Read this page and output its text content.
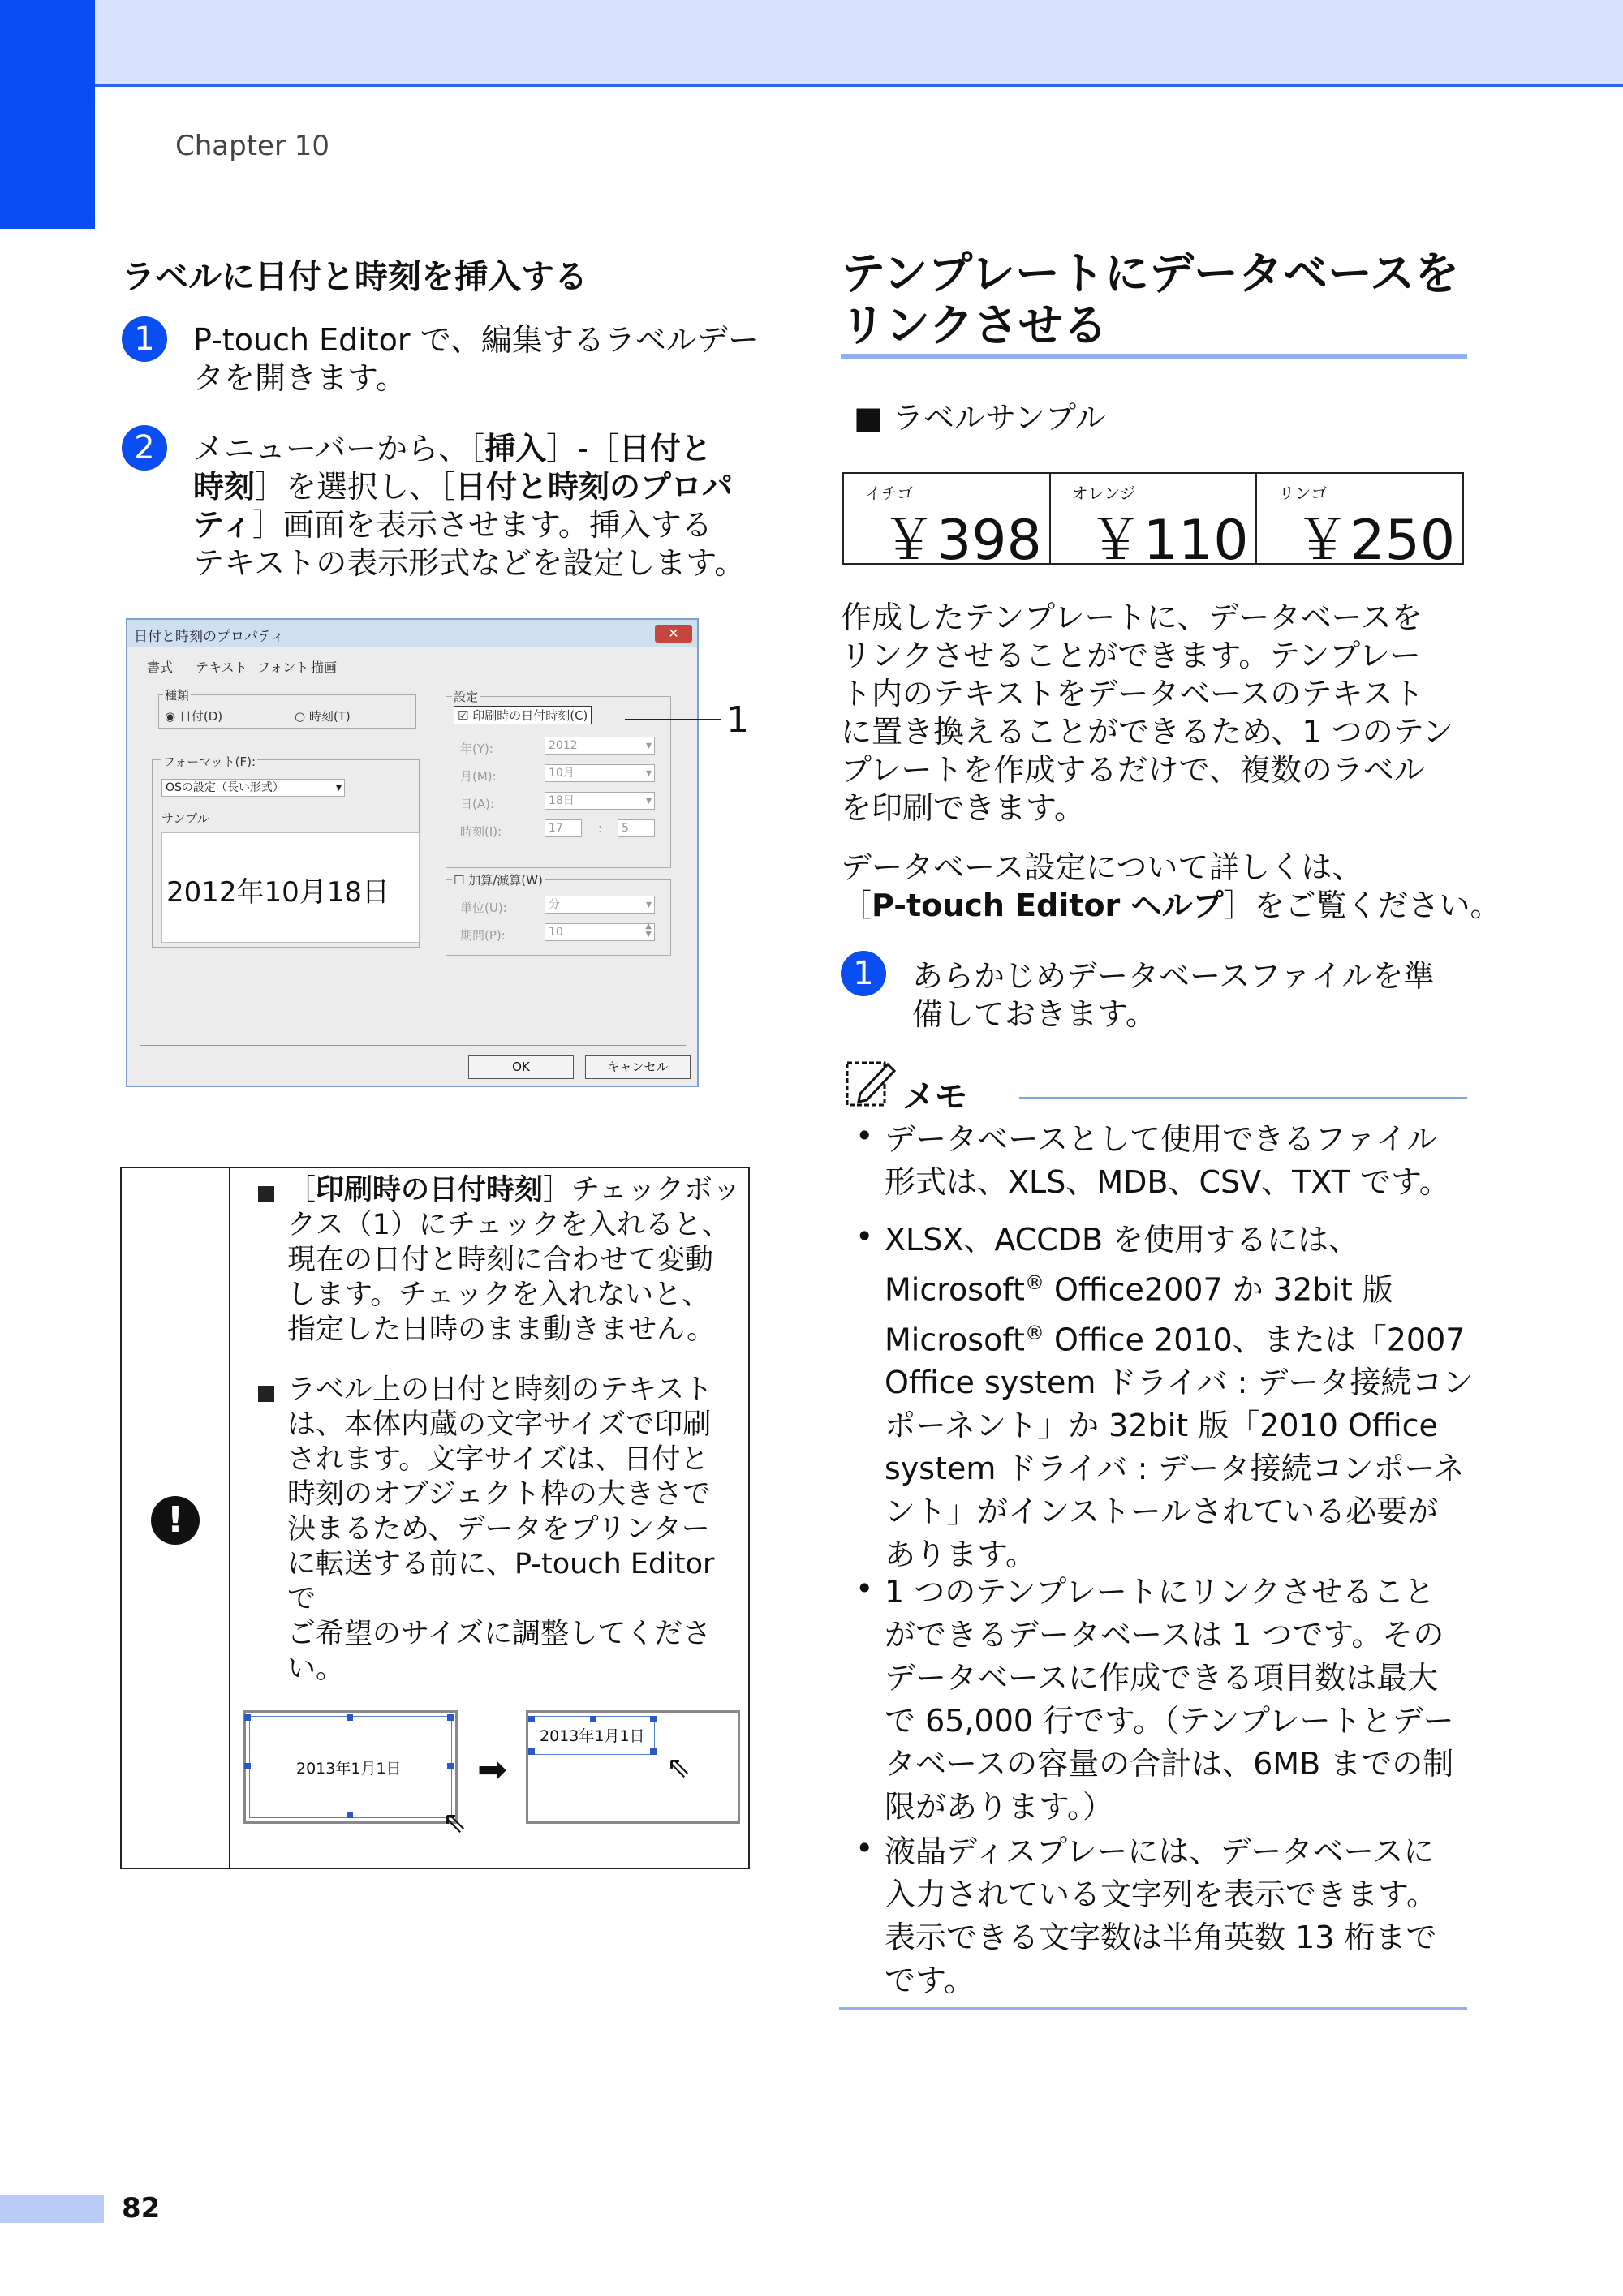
Chapter 10
ラベルに日付と時刻を挿入する
1	P-touch Editor で、編集するラベルデー
タを開きます。
2	メニューバーから、［挿入］-［日付と
時刻］を選択し、［日付と時刻のプロパ
ティ］画面を表示させます。挿入する
テキストの表示形式などを設定します。
日付と時刻のプロパティ	✕
書式 テキスト フォント 描画
種類
◉ 日付(D)	○ 時刻(T)
フォーマット(F):
OSの設定（長い形式）	▾
サンプル
2012年10月18日
設定
☑ 印刷時の日付時刻(C)
年(Y):	2012	▾
月(M):	10月	▾
日(A):	18日	▾
時刻(I):	17	:	5
☐ 加算/減算(W)
単位(U):	分	▾
期間(P):	10	▲
▼
OK	キャンセル
1
!
［印刷時の日付時刻］チェックボッ
クス（1）にチェックを入れると、
現在の日付と時刻に合わせて変動
します。チェックを入れないと、
指定した日時のまま動きません。
ラベル上の日付と時刻のテキスト
は、本体内蔵の文字サイズで印刷
されます。文字サイズは、日付と
時刻のオブジェクト枠の大きさで
決まるため、データをプリンター
に転送する前に、P-touch Editor で
ご希望のサイズに調整してくださ
い。
2013年1月1日
⇖
➡
2013年1月1日
⇖
テンプレートにデータベースを
リンクさせる
■ ラベルサンプル
イチゴ
￥398
オレンジ
￥110
リンゴ
￥250
作成したテンプレートに、データベースを
リンクさせることができます。テンプレー
ト内のテキストをデータベースのテキスト
に置き換えることができるため、1 つのテン
プレートを作成するだけで、複数のラベル
を印刷できます。
データベース設定について詳しくは、
［P-touch Editor ヘルプ］をご覧ください。
1	あらかじめデータベースファイルを準
備しておきます。
メモ
• データベースとして使用できるファイル
形式は、XLS、MDB、CSV、TXT です。
• XLSX、ACCDB を使用するには、
Microsoft® Office2007 か 32bit 版
Microsoft® Office 2010、または「2007
Office system ドライバ : データ接続コン
ポーネント」か 32bit 版「2010 Office
system ドライバ : データ接続コンポーネ
ント」がインストールされている必要が
あります。
• 1 つのテンプレートにリンクさせること
ができるデータベースは 1 つです。その
データベースに作成できる項目数は最大
で 65,000 行です。（テンプレートとデー
タベースの容量の合計は、6MB までの制
限があります。）
• 液晶ディスプレーには、データベースに
入力されている文字列を表示できます。
表示できる文字数は半角英数 13 桁まで
です。
82
